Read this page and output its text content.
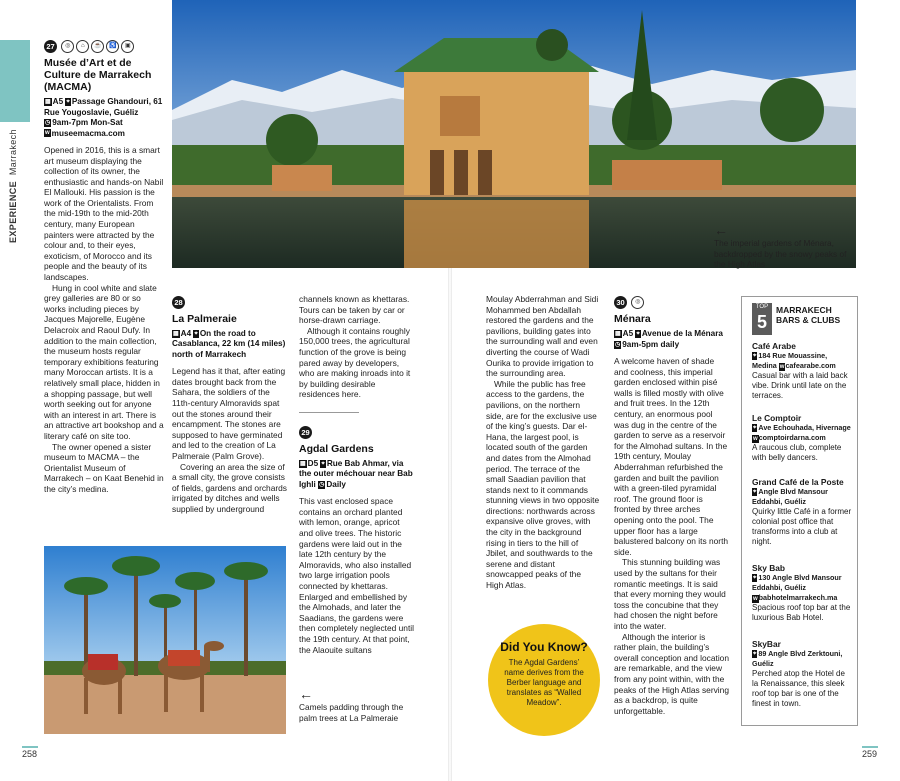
EXPERIENCE  Marrakech
←
The imperial gardens of Ménara, backdropped by the snowy peaks of the High Atlas
27 ◎ ⌂ ☕ ♿ ▣
Musée d’Art et de Culture de Marrakech (MACMA)
▦ A5 ⌖ Passage Ghandouri, 61 Rue Yougoslavie, Guéliz
◷ 9am-7pm Mon-Sat
w museemacma.com

Opened in 2016, this is a smart art museum displaying the collection of its owner, the enthusiastic and hands-on Nabil El Mallouki. His passion is the work of the Orientalists. From the mid-19th to the mid-20th century, many European painters were attracted by the colour and, to their eyes, exoticism, of Morocco and its people and the beauty of its landscapes.

Hung in cool white and slate grey galleries are 80 or so works including pieces by Jacques Majorelle, Eugène Delacroix and Raoul Dufy. In addition to the main collection, the museum hosts regular temporary exhibitions featuring many Moroccan artists. It is a relatively small place, hidden in a shopping passage, but well worth seeking out for anyone with an interest in art. There is an attractive art bookshop and a literary café on site too.

The owner opened a sister museum to MACMA – the Orientalist Museum of Marrakech – on Kaat Benehid in the city’s medina.

28
La Palmeraie
▦ A4 ⌖ On the road to Casablanca, 22 km (14 miles) north of Marrakech

Legend has it that, after eating dates brought back from the Sahara, the soldiers of the 11th-century Almoravids spat out the stones around their encampment. The stones are supposed to have germinated and led to the creation of La Palmeraie (Palm Grove).

Covering an area the size of a small city, the grove consists of fields, gardens and orchards irrigated by ditches and wells supplied by underground

channels known as khettaras. Tours can be taken by car or horse-drawn carriage.

Although it contains roughly 150,000 trees, the agricultural function of the grove is being pared away by developers, who are making inroads into it by building desirable residences here.

29
Agdal Gardens
▦ D5 ⌖ Rue Bab Ahmar, via the outer méchouar near Bab Ighli ◷ Daily

This vast enclosed space contains an orchard planted with lemon, orange, apricot and olive trees. The historic gardens were laid out in the late 12th century by the Almoravids, who also installed two large irrigation pools connected by khettaras. Enlarged and embellished by the Almohads, and later the Saadians, the gardens were then completely neglected until the 19th century. At that point, the Alaouite sultans

←
Camels padding through the palm trees at La Palmeraie

Moulay Abderrahman and Sidi Mohammed ben Abdallah restored the gardens and the pavilions, building gates into the surrounding wall and even diverting the course of Wadi Ourika to provide irrigation to the surrounding area.

While the public has free access to the gardens, the pavilions, on the northern side, are for the exclusive use of the king’s guests. Dar el-Hana, the largest pool, is located south of the garden and dates from the Almohad period. The terrace of the small Saadian pavilion that stands next to it commands stunning views in two opposite directions: northwards across expansive olive groves, with the city in the background rising in tiers to the hill of Jbilet, and southwards to the serene and distant snowcapped peaks of the High Atlas.

Did You Know?
The Agdal Gardens’ name derives from the Berber language and translates as “Walled Meadow”.
30 ◎
Ménara
▦ A5 ⌖ Avenue de la Ménara ◷ 9am-5pm daily

A welcome haven of shade and coolness, this imperial garden enclosed within pisé walls is filled mostly with olive and fruit trees. In the 12th century, an enormous pool was dug in the centre of the garden to serve as a reservoir for the Almohad sultans. In the 19th century, Moulay Abderrahman refurbished the garden and built the pavilion with a green-tiled pyramidal roof. The ground floor is fronted by three arches opening onto the pool. The upper floor has a large balustered balcony on its north side.

This stunning building was used by the sultans for their romantic meetings. It is said that every morning they would toss the concubine that they had chosen the night before into the water.

Although the interior is rather plain, the building’s overall conception and location are remarkable, and the view from any point within, with the peaks of the High Atlas serving as a backdrop, is quite unforgettable.

TOP
5
MARRAKECH
BARS & CLUBS
Café Arabe
⌖ 184 Rue Mouassine, Medina wcafearabe.com
Casual bar with a laid back vibe. Drink until late on the terraces.
Le Comptoir
⌖ Ave Echouhada, Hivernage
wcomptoirdarna.com
A raucous club, complete with belly dancers.
Grand Café de la Poste
⌖ Angle Blvd Mansour Eddahbi, Guéliz
Quirky little Café in a former colonial post office that transforms into a club at night.
Sky Bab
⌖ 130 Angle Blvd Mansour Eddahbi, Guéliz
wbabhotelmarrakech.ma
Spacious roof top bar at the luxurious Bab Hotel.
SkyBar
⌖ 89 Angle Blvd Zerktouni, Guéliz
Perched atop the Hotel de la Renaissance, this sleek roof top bar is one of the finest in town.
258	259
